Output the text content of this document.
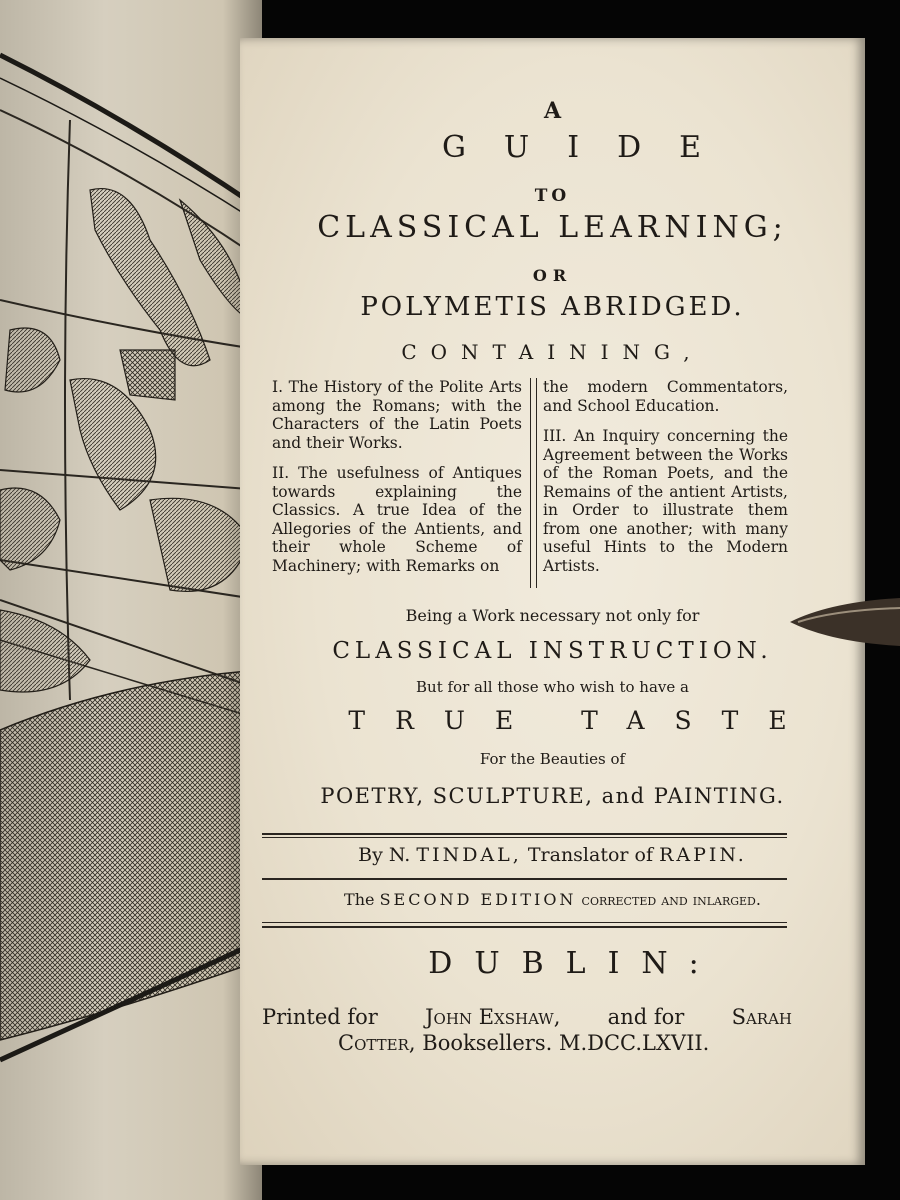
A
GUIDE
TO
CLASSICAL LEARNING;
OR
POLYMETIS ABRIDGED.
CONTAINING,
I. The History of the Polite Arts among the Romans; with the Characters of the Latin Poets and their Works.
II. The usefulness of Antiques towards explaining the Classics. A true Idea of the Allegories of the Antients, and their whole Scheme of Machinery; with Remarks on
the modern Commentators, and School Education.
III. An Inquiry concerning the Agreement between the Works of the Roman Poets, and the Remains of the antient Artists, in Order to illustrate them from one another; with many useful Hints to the Modern Artists.
Being a Work necessary not only for
CLASSICAL INSTRUCTION.
But for all those who wish to have a
TRUE TASTE
For the Beauties of
POETRY, SCULPTURE, and PAINTING.
By N. TINDAL, Translator of RAPIN.
The SECOND EDITION corrected and inlarged.
DUBLIN:
Printed for John Exshaw, and for Sarah
Cotter, Booksellers. M.DCC.LXVII.
